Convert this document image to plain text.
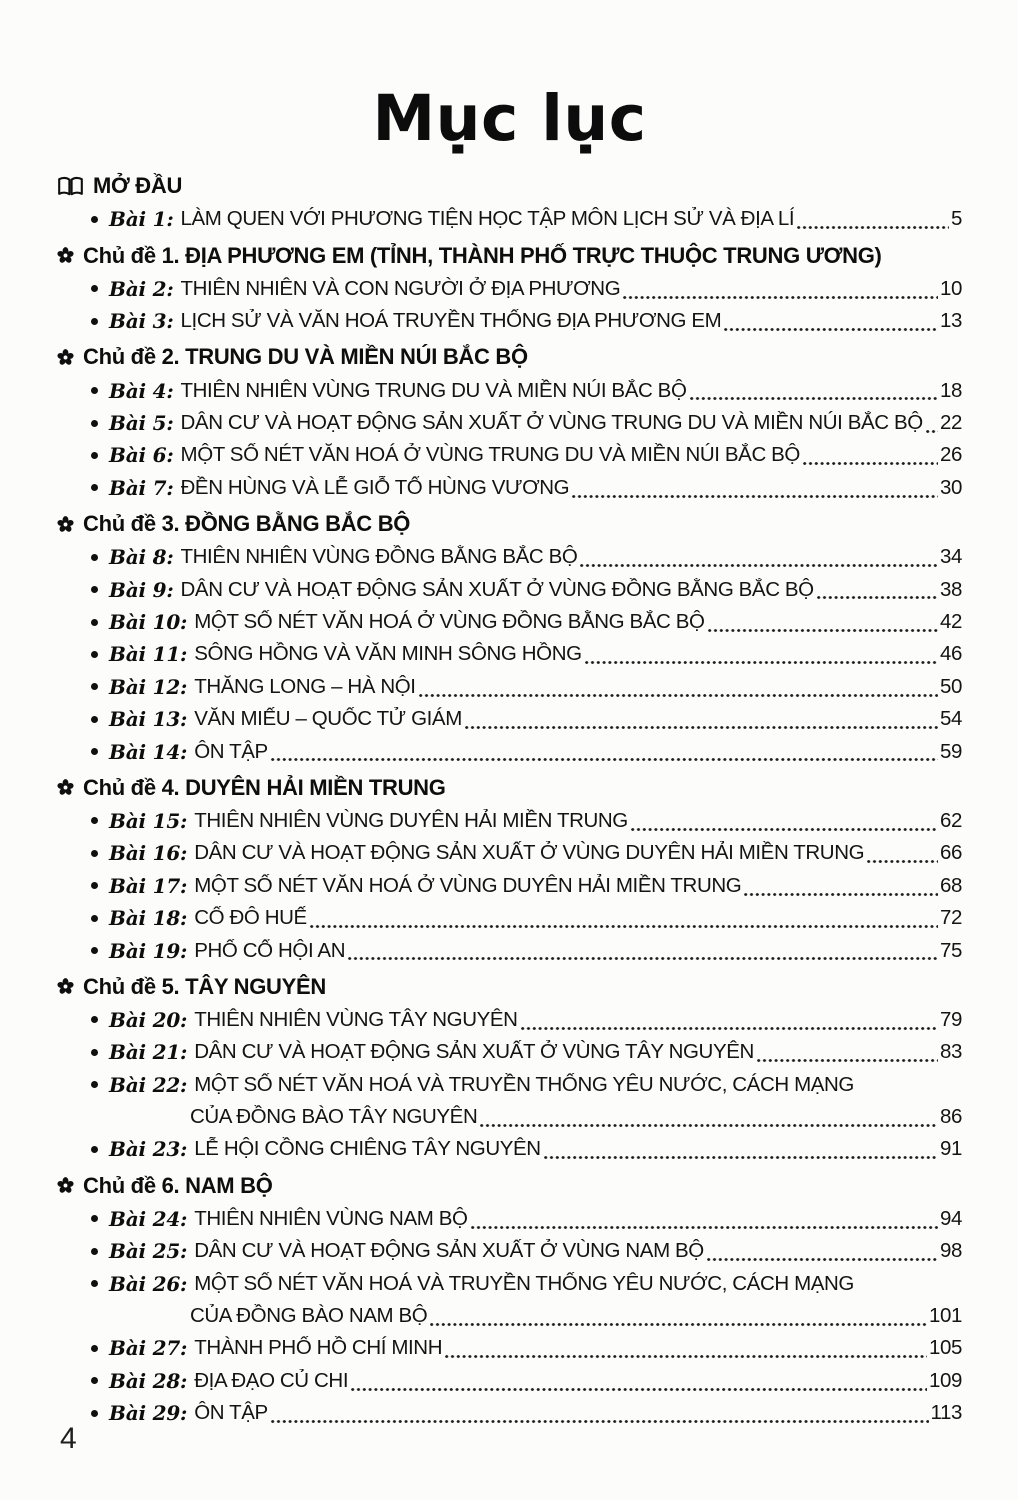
Mục lục
MỞ ĐẦU
Bài 1: LÀM QUEN VỚI PHƯƠNG TIỆN HỌC TẬP MÔN LỊCH SỬ VÀ ĐỊA LÍ	5
Chủ đề 1. ĐỊA PHƯƠNG EM (TỈNH, THÀNH PHỐ TRỰC THUỘC TRUNG ƯƠNG)
Bài 2: THIÊN NHIÊN VÀ CON NGƯỜI Ở ĐỊA PHƯƠNG	10
Bài 3: LỊCH SỬ VÀ VĂN HOÁ TRUYỀN THỐNG ĐỊA PHƯƠNG EM	13
Chủ đề 2. TRUNG DU VÀ MIỀN NÚI BẮC BỘ
Bài 4: THIÊN NHIÊN VÙNG TRUNG DU VÀ MIỀN NÚI BẮC BỘ	18
Bài 5: DÂN CƯ VÀ HOẠT ĐỘNG SẢN XUẤT Ở VÙNG TRUNG DU VÀ MIỀN NÚI BẮC BỘ 22
Bài 6: MỘT SỐ NÉT VĂN HOÁ Ở VÙNG TRUNG DU VÀ MIỀN NÚI BẮC BỘ	26
Bài 7: ĐỀN HÙNG VÀ LỄ GIỖ TỔ HÙNG VƯƠNG	30
Chủ đề 3. ĐỒNG BẰNG BẮC BỘ
Bài 8: THIÊN NHIÊN VÙNG ĐỒNG BẰNG BẮC BỘ	34
Bài 9: DÂN CƯ VÀ HOẠT ĐỘNG SẢN XUẤT Ở VÙNG ĐỒNG BẰNG BẮC BỘ	38
Bài 10: MỘT SỐ NÉT VĂN HOÁ Ở VÙNG ĐỒNG BẰNG BẮC BỘ	42
Bài 11: SÔNG HỒNG VÀ VĂN MINH SÔNG HỒNG	46
Bài 12: THĂNG LONG – HÀ NỘI	50
Bài 13: VĂN MIẾU – QUỐC TỬ GIÁM	54
Bài 14: ÔN TẬP	59
Chủ đề 4. DUYÊN HẢI MIỀN TRUNG
Bài 15: THIÊN NHIÊN VÙNG DUYÊN HẢI MIỀN TRUNG	62
Bài 16: DÂN CƯ VÀ HOẠT ĐỘNG SẢN XUẤT Ở VÙNG DUYÊN HẢI MIỀN TRUNG	66
Bài 17: MỘT SỐ NÉT VĂN HOÁ Ở VÙNG DUYÊN HẢI MIỀN TRUNG	68
Bài 18: CỐ ĐÔ HUẾ	72
Bài 19: PHỐ CỔ HỘI AN	75
Chủ đề 5. TÂY NGUYÊN
Bài 20: THIÊN NHIÊN VÙNG TÂY NGUYÊN	79
Bài 21: DÂN CƯ VÀ HOẠT ĐỘNG SẢN XUẤT Ở VÙNG TÂY NGUYÊN	83
Bài 22: MỘT SỐ NÉT VĂN HOÁ VÀ TRUYỀN THỐNG YÊU NƯỚC, CÁCH MẠNG
CỦA ĐỒNG BÀO TÂY NGUYÊN	86
Bài 23: LỄ HỘI CỒNG CHIÊNG TÂY NGUYÊN	91
Chủ đề 6. NAM BỘ
Bài 24: THIÊN NHIÊN VÙNG NAM BỘ	94
Bài 25: DÂN CƯ VÀ HOẠT ĐỘNG SẢN XUẤT Ở VÙNG NAM BỘ	98
Bài 26: MỘT SỐ NÉT VĂN HOÁ VÀ TRUYỀN THỐNG YÊU NƯỚC, CÁCH MẠNG
CỦA ĐỒNG BÀO NAM BỘ	101
Bài 27: THÀNH PHỐ HỒ CHÍ MINH	105
Bài 28: ĐỊA ĐẠO CỦ CHI	109
Bài 29: ÔN TẬP	113
4
